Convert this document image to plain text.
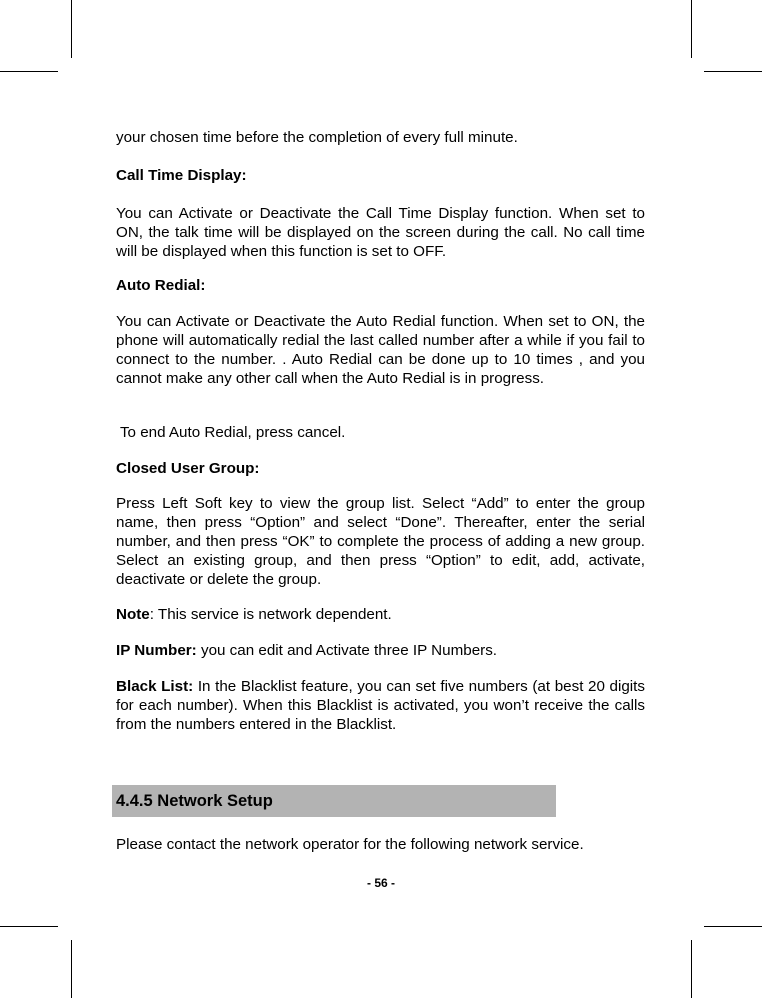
your chosen time before the completion of every full minute.

Call Time Display:

You can Activate or Deactivate the Call Time Display function. When set to ON, the talk time will be displayed on the screen during the call. No call time will be displayed when this function is set to OFF.

Auto Redial:

You can Activate or Deactivate the Auto Redial function. When set to ON, the phone will automatically redial the last called number after a while if you fail to connect to the number. . Auto Redial can be done up to 10 times , and you cannot make any other call when the Auto Redial is in progress.

To end Auto Redial, press cancel.

Closed User Group:

Press Left Soft key to view the group list. Select “Add” to enter the group name, then press “Option” and select “Done”. Thereafter, enter the serial number, and then press “OK” to complete the process of adding a new group. Select an existing group, and then press “Option” to edit, add, activate, deactivate or delete the group.

Note: This service is network dependent.

IP Number: you can edit and Activate three IP Numbers.

Black List: In the Blacklist feature, you can set five numbers (at best 20 digits for each number). When this Blacklist is activated, you won’t receive the calls from the numbers entered in the Blacklist.

Please contact the network operator for the following network service.

4.4.5 Network Setup
- 56 -
